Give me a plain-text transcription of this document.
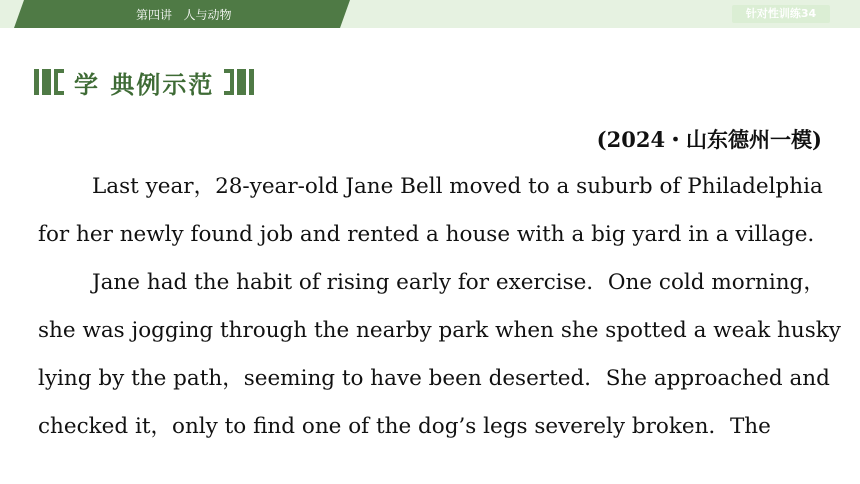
第四讲   人与动物	针对性训练34
学 典例示范
(2024・山东德州一模)
Last year，28-year-old Jane Bell moved to a suburb of Philadelphia
for her newly found job and rented a house with a big yard in a village．
Jane had the habit of rising early for exercise．One cold morning，
she was jogging through the nearby park when she spotted a weak husky
lying by the path，seeming to have been deserted．She approached and
checked it，only to find one of the dog’s legs severely broken．The
